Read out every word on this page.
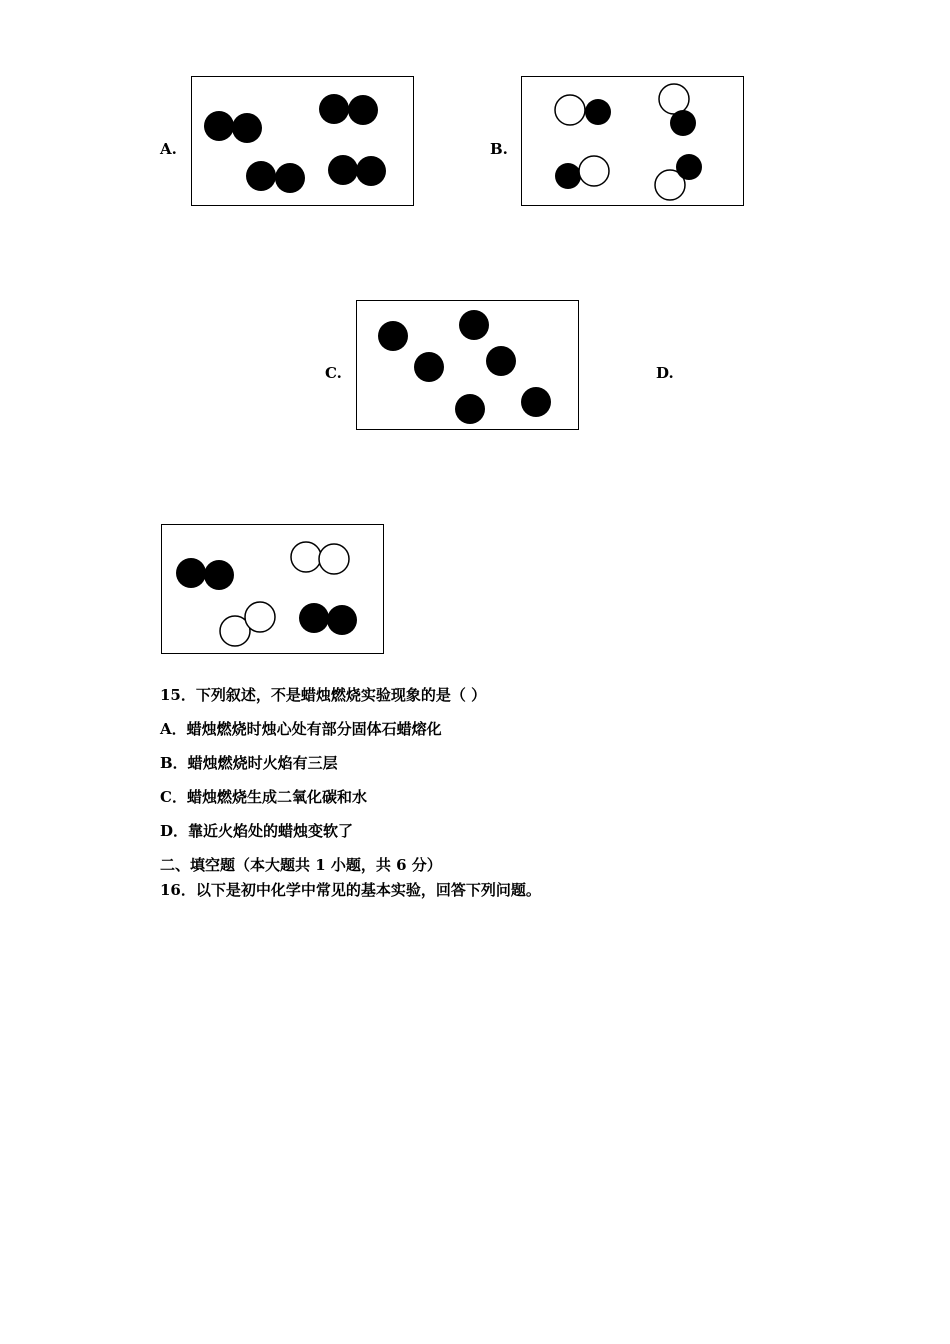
A.	B.
C.	D.
15．下列叙述，不是蜡烛燃烧实验现象的是（ ）
A．蜡烛燃烧时烛心处有部分固体石蜡熔化
B．蜡烛燃烧时火焰有三层
C．蜡烛燃烧生成二氧化碳和水
D．靠近火焰处的蜡烛变软了
二、填空题（本大题共 1 小题，共 6 分）
16．以下是初中化学中常见的基本实验，回答下列问题。
